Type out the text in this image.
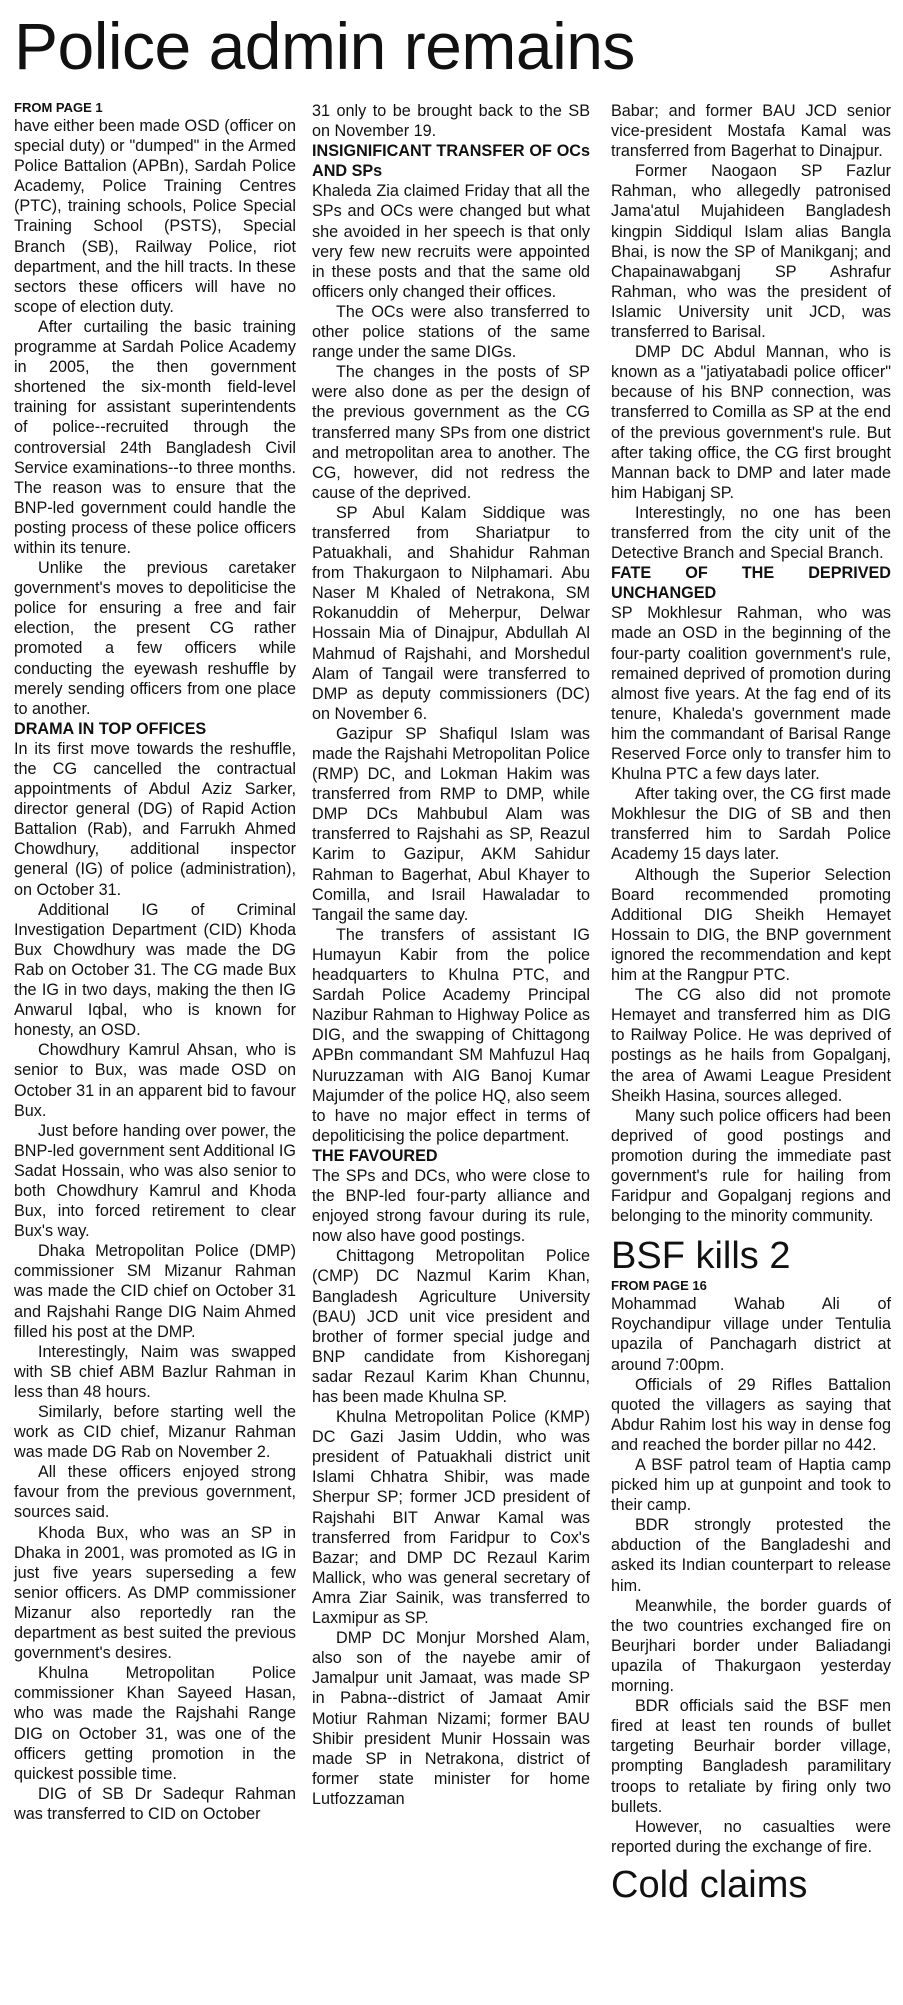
Police admin remains

FROM PAGE 1

have either been made OSD (officer on special duty) or "dumped" in the Armed Police Battalion (APBn), Sardah Police Academy, Police Training Centres (PTC), training schools, Police Special Training School (PSTS), Special Branch (SB), Railway Police, riot department, and the hill tracts. In these sectors these officers will have no scope of election duty.

After curtailing the basic training programme at Sardah Police Academy in 2005, the then government shortened the six-month field-level training for assistant superintendents of police--recruited through the controversial 24th Bangladesh Civil Service examinations--to three months. The reason was to ensure that the BNP-led government could handle the posting process of these police officers within its tenure.

Unlike the previous caretaker government's moves to depoliticise the police for ensuring a free and fair election, the present CG rather promoted a few officers while conducting the eyewash reshuffle by merely sending officers from one place to another.

DRAMA IN TOP OFFICES

In its first move towards the reshuffle, the CG cancelled the contractual appointments of Abdul Aziz Sarker, director general (DG) of Rapid Action Battalion (Rab), and Farrukh Ahmed Chowdhury, additional inspector general (IG) of police (administration), on October 31.

Additional IG of Criminal Investigation Department (CID) Khoda Bux Chowdhury was made the DG Rab on October 31. The CG made Bux the IG in two days, making the then IG Anwarul Iqbal, who is known for honesty, an OSD.

Chowdhury Kamrul Ahsan, who is senior to Bux, was made OSD on October 31 in an apparent bid to favour Bux.

Just before handing over power, the BNP-led government sent Additional IG Sadat Hossain, who was also senior to both Chowdhury Kamrul and Khoda Bux, into forced retirement to clear Bux's way.

Dhaka Metropolitan Police (DMP) commissioner SM Mizanur Rahman was made the CID chief on October 31 and Rajshahi Range DIG Naim Ahmed filled his post at the DMP.

Interestingly, Naim was swapped with SB chief ABM Bazlur Rahman in less than 48 hours.

Similarly, before starting well the work as CID chief, Mizanur Rahman was made DG Rab on November 2.

All these officers enjoyed strong favour from the previous government, sources said.

Khoda Bux, who was an SP in Dhaka in 2001, was promoted as IG in just five years superseding a few senior officers. As DMP commissioner Mizanur also reportedly ran the department as best suited the previous government's desires.

Khulna Metropolitan Police commissioner Khan Sayeed Hasan, who was made the Rajshahi Range DIG on October 31, was one of the officers getting promotion in the quickest possible time.

DIG of SB Dr Sadequr Rahman was transferred to CID on October

31 only to be brought back to the SB on November 19.

INSIGNIFICANT TRANSFER OF OCs AND SPs

Khaleda Zia claimed Friday that all the SPs and OCs were changed but what she avoided in her speech is that only very few new recruits were appointed in these posts and that the same old officers only changed their offices.

The OCs were also transferred to other police stations of the same range under the same DIGs.

The changes in the posts of SP were also done as per the design of the previous government as the CG transferred many SPs from one district and metropolitan area to another. The CG, however, did not redress the cause of the deprived.

SP Abul Kalam Siddique was transferred from Shariatpur to Patuakhali, and Shahidur Rahman from Thakurgaon to Nilphamari. Abu Naser M Khaled of Netrakona, SM Rokanuddin of Meherpur, Delwar Hossain Mia of Dinajpur, Abdullah Al Mahmud of Rajshahi, and Morshedul Alam of Tangail were transferred to DMP as deputy commissioners (DC) on November 6.

Gazipur SP Shafiqul Islam was made the Rajshahi Metropolitan Police (RMP) DC, and Lokman Hakim was transferred from RMP to DMP, while DMP DCs Mahbubul Alam was transferred to Rajshahi as SP, Reazul Karim to Gazipur, AKM Sahidur Rahman to Bagerhat, Abul Khayer to Comilla, and Israil Hawaladar to Tangail the same day.

The transfers of assistant IG Humayun Kabir from the police headquarters to Khulna PTC, and Sardah Police Academy Principal Nazibur Rahman to Highway Police as DIG, and the swapping of Chittagong APBn commandant SM Mahfuzul Haq Nuruzzaman with AIG Banoj Kumar Majumder of the police HQ, also seem to have no major effect in terms of depoliticising the police department.

THE FAVOURED

The SPs and DCs, who were close to the BNP-led four-party alliance and enjoyed strong favour during its rule, now also have good postings.

Chittagong Metropolitan Police (CMP) DC Nazmul Karim Khan, Bangladesh Agriculture University (BAU) JCD unit vice president and brother of former special judge and BNP candidate from Kishoreganj sadar Rezaul Karim Khan Chunnu, has been made Khulna SP.

Khulna Metropolitan Police (KMP) DC Gazi Jasim Uddin, who was president of Patuakhali district unit Islami Chhatra Shibir, was made Sherpur SP; former JCD president of Rajshahi BIT Anwar Kamal was transferred from Faridpur to Cox's Bazar; and DMP DC Rezaul Karim Mallick, who was general secretary of Amra Ziar Sainik, was transferred to Laxmipur as SP.

DMP DC Monjur Morshed Alam, also son of the nayebe amir of Jamalpur unit Jamaat, was made SP in Pabna--district of Jamaat Amir Motiur Rahman Nizami; former BAU Shibir president Munir Hossain was made SP in Netrakona, district of former state minister for home Lutfozzaman

Babar; and former BAU JCD senior vice-president Mostafa Kamal was transferred from Bagerhat to Dinajpur.

Former Naogaon SP Fazlur Rahman, who allegedly patronised Jama'atul Mujahideen Bangladesh kingpin Siddiqul Islam alias Bangla Bhai, is now the SP of Manikganj; and Chapainawabganj SP Ashrafur Rahman, who was the president of Islamic University unit JCD, was transferred to Barisal.

DMP DC Abdul Mannan, who is known as a "jatiyatabadi police officer" because of his BNP connection, was transferred to Comilla as SP at the end of the previous government's rule. But after taking office, the CG first brought Mannan back to DMP and later made him Habiganj SP.

Interestingly, no one has been transferred from the city unit of the Detective Branch and Special Branch.

FATE OF THE DEPRIVED UNCHANGED

SP Mokhlesur Rahman, who was made an OSD in the beginning of the four-party coalition government's rule, remained deprived of promotion during almost five years. At the fag end of its tenure, Khaleda's government made him the commandant of Barisal Range Reserved Force only to transfer him to Khulna PTC a few days later.

After taking over, the CG first made Mokhlesur the DIG of SB and then transferred him to Sardah Police Academy 15 days later.

Although the Superior Selection Board recommended promoting Additional DIG Sheikh Hemayet Hossain to DIG, the BNP government ignored the recommendation and kept him at the Rangpur PTC.

The CG also did not promote Hemayet and transferred him as DIG to Railway Police. He was deprived of postings as he hails from Gopalganj, the area of Awami League President Sheikh Hasina, sources alleged.

Many such police officers had been deprived of good postings and promotion during the immediate past government's rule for hailing from Faridpur and Gopalganj regions and belonging to the minority community.

BSF kills 2

FROM PAGE 16

Mohammad Wahab Ali of Roychandipur village under Tentulia upazila of Panchagarh district at around 7:00pm.

Officials of 29 Rifles Battalion quoted the villagers as saying that Abdur Rahim lost his way in dense fog and reached the border pillar no 442.

A BSF patrol team of Haptia camp picked him up at gunpoint and took to their camp.

BDR strongly protested the abduction of the Bangladeshi and asked its Indian counterpart to release him.

Meanwhile, the border guards of the two countries exchanged fire on Beurjhari border under Baliadangi upazila of Thakurgaon yesterday morning.

BDR officials said the BSF men fired at least ten rounds of bullet targeting Beurhair border village, prompting Bangladesh paramilitary troops to retaliate by firing only two bullets.

However, no casualties were reported during the exchange of fire.

Cold claims
